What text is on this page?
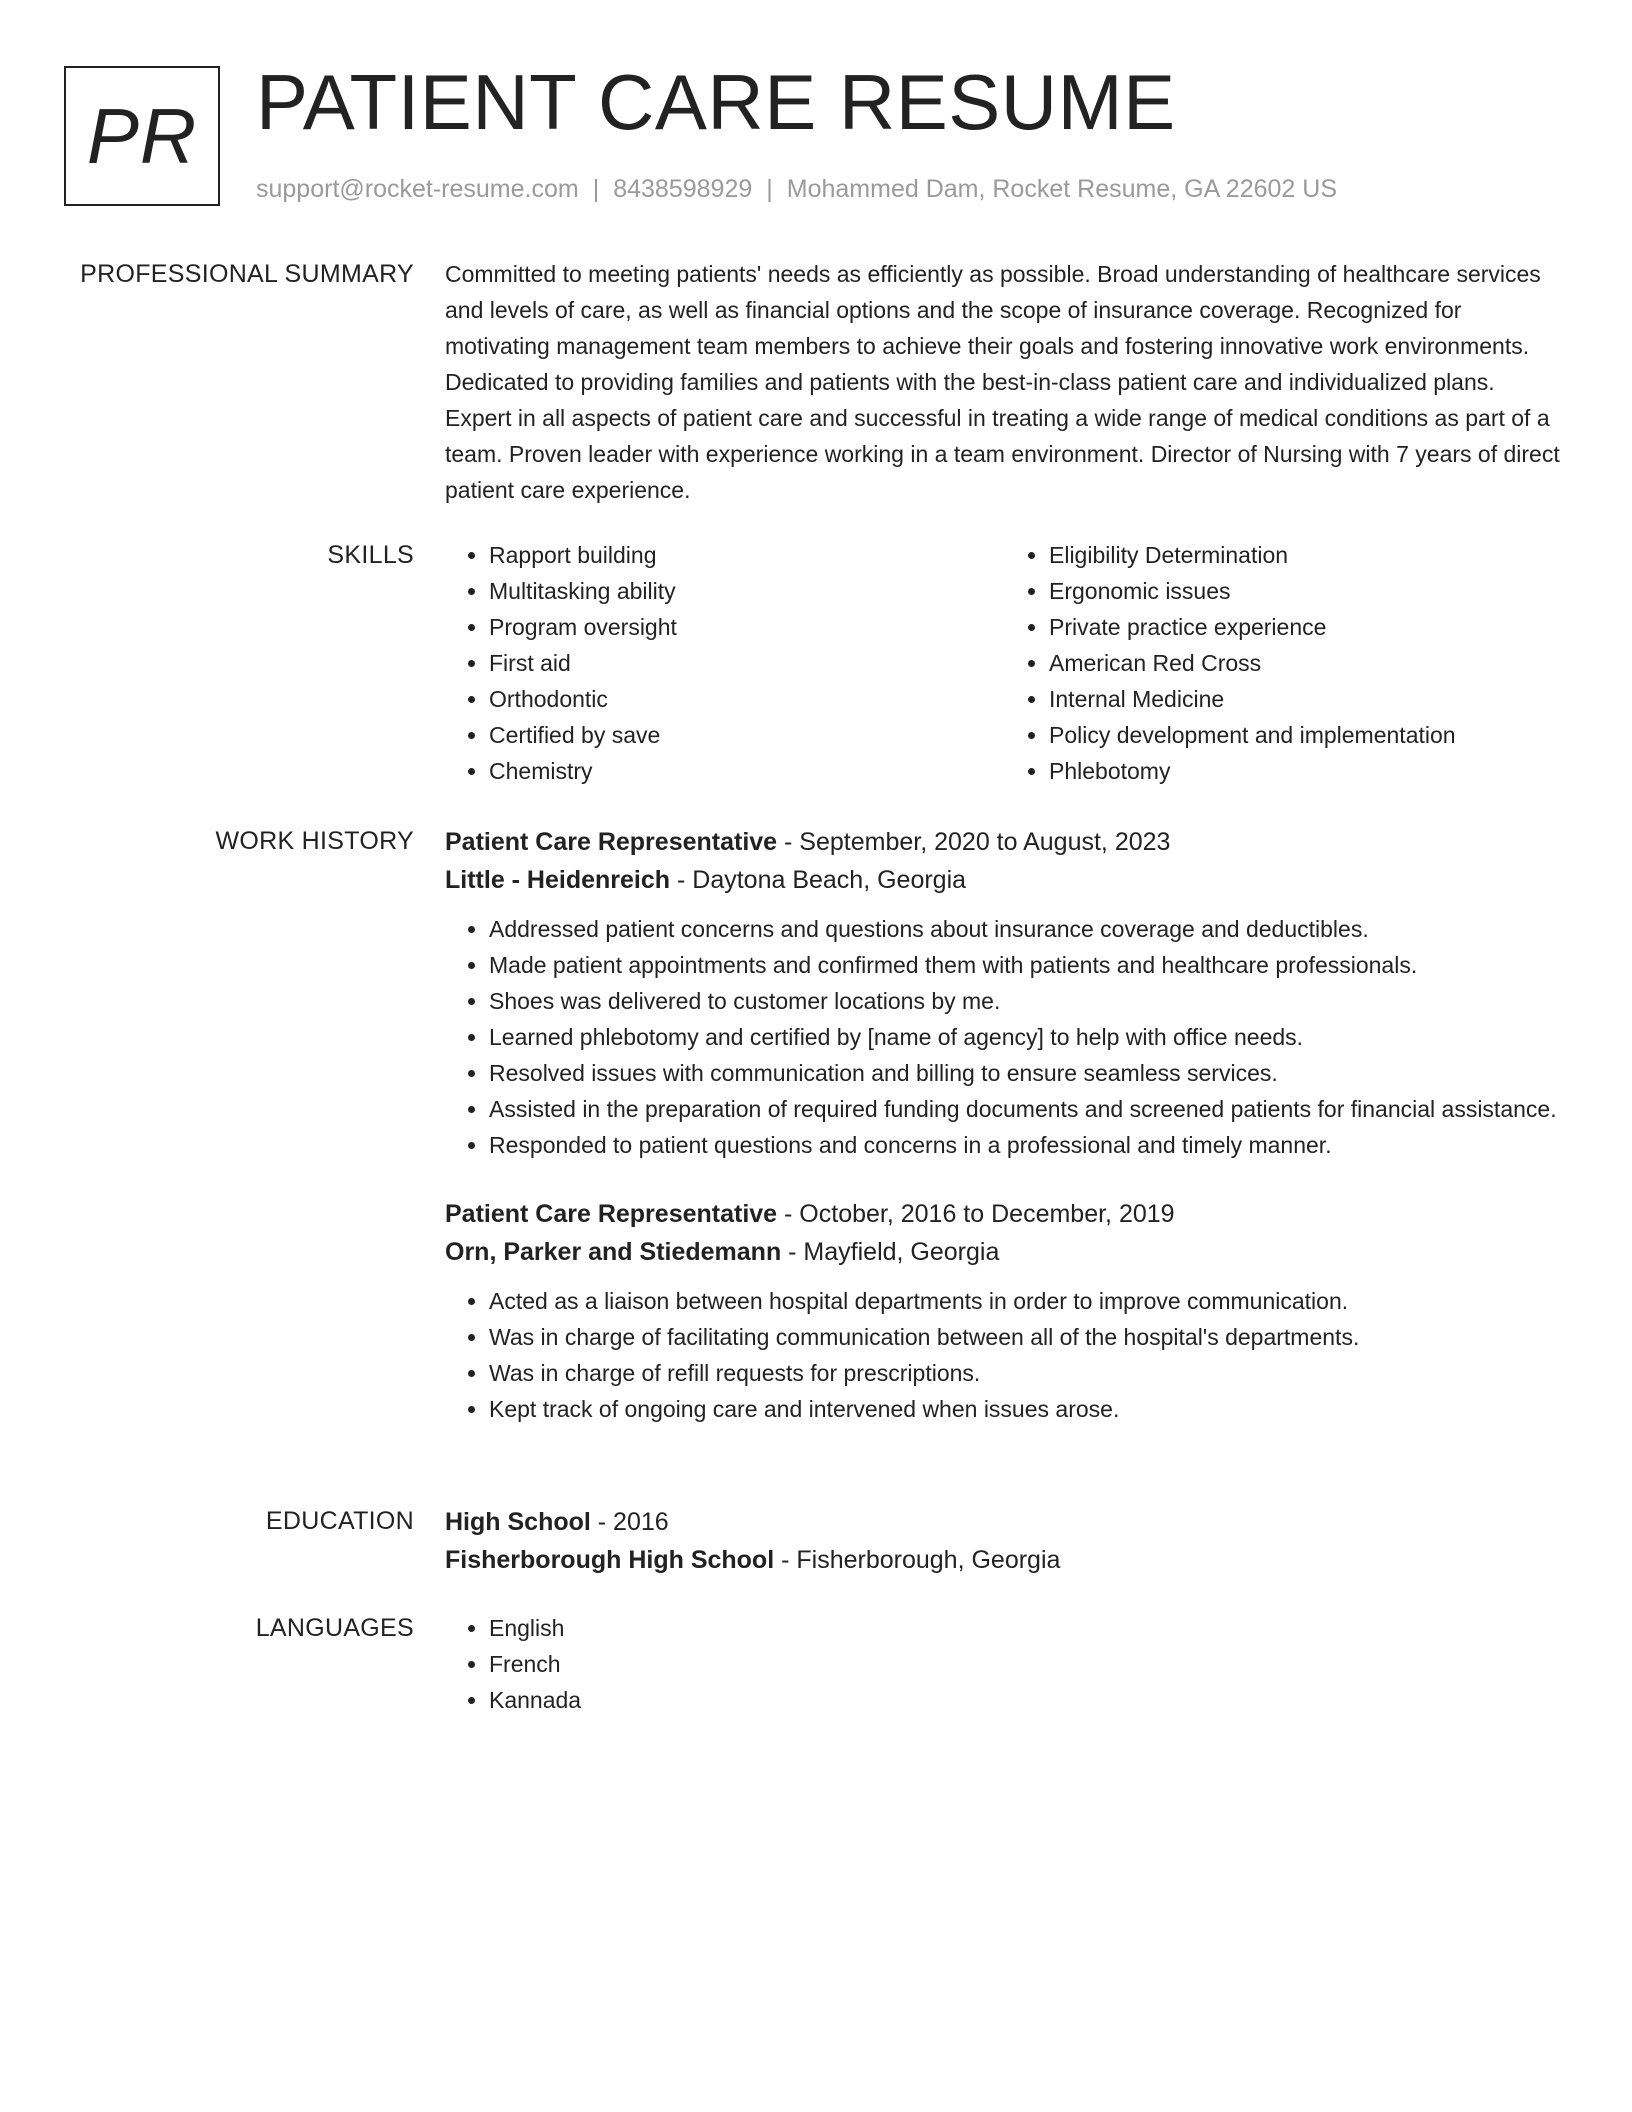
PR PATIENT CARE RESUME
support@rocket-resume.com | 8438598929 | Mohammed Dam, Rocket Resume, GA 22602 US
PROFESSIONAL SUMMARY Committed to meeting patients' needs as efficiently as possible. Broad understanding of healthcare services and levels of care, as well as financial options and the scope of insurance coverage. Recognized for motivating management team members to achieve their goals and fostering innovative work environments. Dedicated to providing families and patients with the best-in-class patient care and individualized plans. Expert in all aspects of patient care and successful in treating a wide range of medical conditions as part of a team. Proven leader with experience working in a team environment. Director of Nursing with 7 years of direct patient care experience.

SKILLS	• Rapport building
• Multitasking ability
• Program oversight
• First aid
• Orthodontic
• Certified by save
• Chemistry
• Eligibility Determination
• Ergonomic issues
• Private practice experience
• American Red Cross
• Internal Medicine
• Policy development and implementation
• Phlebotomy
WORK HISTORY Patient Care Representative - September, 2020 to August, 2023
Little - Heidenreich - Daytona Beach, Georgia
• Addressed patient concerns and questions about insurance coverage and deductibles.
• Made patient appointments and confirmed them with patients and healthcare professionals.
• Shoes was delivered to customer locations by me.
• Learned phlebotomy and certified by [name of agency] to help with office needs.
• Resolved issues with communication and billing to ensure seamless services.
• Assisted in the preparation of required funding documents and screened patients for financial assistance.
• Responded to patient questions and concerns in a professional and timely manner.
Patient Care Representative - October, 2016 to December, 2019
Orn, Parker and Stiedemann - Mayfield, Georgia
• Acted as a liaison between hospital departments in order to improve communication.
• Was in charge of facilitating communication between all of the hospital's departments.
• Was in charge of refill requests for prescriptions.
• Kept track of ongoing care and intervened when issues arose.
EDUCATION High School - 2016
Fisherborough High School - Fisherborough, Georgia
LANGUAGES	• English
• French
• Kannada
